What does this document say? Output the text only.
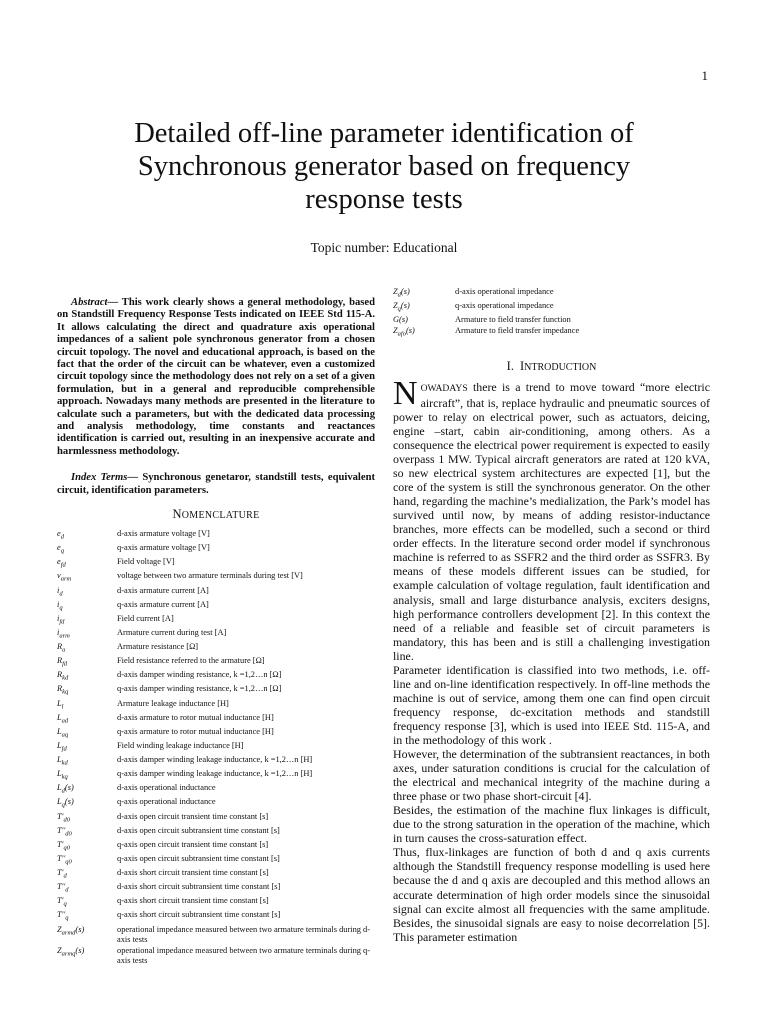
1
Detailed off-line parameter identification of
Synchronous generator based on frequency
response tests
Topic number: Educational

Abstract— This work clearly shows a general methodology, based on Standstill Frequency Response Tests indicated on IEEE Std 115-A. It allows calculating the direct and quadrature axis operational impedances of a salient pole synchronous generator from a chosen circuit topology. The novel and educational approach, is based on the fact that the order of the circuit can be whatever, even a customized circuit topology since the methodology does not rely on a set of a given formulation, but in a general and reproducible comprehensible approach. Nowadays many methods are presented in the literature to calculate such a parameters, but with the dedicated data processing and analysis methodology, time constants and reactances identification is carried out, resulting in an inexpensive accurate and harmlessness methodology.

Index Terms— Synchronous genetaror, standstill tests, equivalent circuit, identification parameters.

NOMENCLATURE
$e_d$	d-axis armature voltage [V]
$e_q$	q-axis armature voltage [V]
$e_{fd}$	Field voltage [V]
$v_{arm}$	voltage between two armature terminals during test [V]
$i_d$	d-axis armature current [A]
$i_q$	q-axis armature current [A]
$i_{fd}$	Field current [A]
$i_{arm}$	Armature current during test [A]
$R_a$	Armature resistance [Ω]
$R_{fd}$	Field resistance referred to the armature [Ω]
$R_{kd}$	d-axis damper winding resistance, k =1,2…n [Ω]
$R_{kq}$	q-axis damper winding resistance, k =1,2…n [Ω]
$L_l$	Armature leakage inductance [H]
$L_{ad}$	d-axis armature to rotor mutual inductance [H]
$L_{aq}$	q-axis armature to rotor mutual inductance [H]
$L_{fd}$	Field winding leakage inductance [H]
$L_{kd}$	d-axis damper winding leakage inductance, k =1,2…n [H]
$L_{kq}$	q-axis damper winding leakage inductance, k =1,2…n [H]
$L_d(s)$	d-axis operational inductance
$L_q(s)$	q-axis operational inductance
$T'_{d0}$	d-axis open circuit transient time constant [s]
$T''_{d0}$	d-axis open circuit subtransient time constant [s]
$T'_{q0}$	q-axis open circuit transient time constant [s]
$T''_{q0}$	q-axis open circuit subtransient time constant [s]
$T'_d$	d-axis short circuit transient time constant [s]
$T''_d$	d-axis short circuit subtransient time constant [s]
$T'_q$	q-axis short circuit transient time constant [s]
$T''_q$	q-axis short circuit subtransient time constant [s]
$Z_{armd}(s)$	operational impedance measured between two armature terminals during d-axis tests
$Z_{armq}(s)$	operational impedance measured between two armature terminals during q-axis tests
$Z_d(s)$	d-axis operational impedance
$Z_q(s)$	q-axis operational impedance
G(s)	Armature to field transfer function
$Z_{afo}(s)$	Armature to field transfer impedance
I. INTRODUCTION

NOWADAYS there is a trend to move toward “more electric aircraft”, that is, replace hydraulic and pneumatic sources of power to relay on electrical power, such as actuators, deicing, engine –start, cabin air-conditioning, among others. As a consequence the electrical power requirement is expected to easily overpass 1 MW. Typical aircraft generators are rated at 120 kVA, so new electrical system architectures are expected [1], but the core of the system is still the synchronous generator. On the other hand, regarding the machine’s medialization, the Park’s model has survived until now, by means of adding resistor-inductance branches, more effects can be modelled, such a second or third order effects. In the literature second order model if synchronous machine is referred to as SSFR2 and the third order as SSFR3. By means of these models different issues can be studied, for example calculation of voltage regulation, fault identification and analysis, small and large disturbance analysis, exciters designs, high performance controllers development [2]. In this context the need of a reliable and feasible set of circuit parameters is mandatory, this has been and is still a challenging investigation line.

Parameter identification is classified into two methods, i.e. off-line and on-line identification respectively. In off-line methods the machine is out of service, among them one can find open circuit frequency response, dc-excitation methods and standstill frequency response [3], which is used into IEEE Std. 115-A, and in the methodology of this work .

However, the determination of the subtransient reactances, in both axes, under saturation conditions is crucial for the calculation of the electrical and mechanical integrity of the machine during a three phase or two phase short-circuit [4].

Besides, the estimation of the machine flux linkages is difficult, due to the strong saturation in the operation of the machine, which in turn causes the cross-saturation effect.

Thus, flux-linkages are function of both d and q axis currents although the Standstill frequency response modelling is used here because the d and q axis are decoupled and this method allows an accurate determination of high order models since the sinusoidal signal can excite almost all frequencies with the same amplitude. Besides, the sinusoidal signals are easy to noise decorrelation [5]. This parameter estimation
